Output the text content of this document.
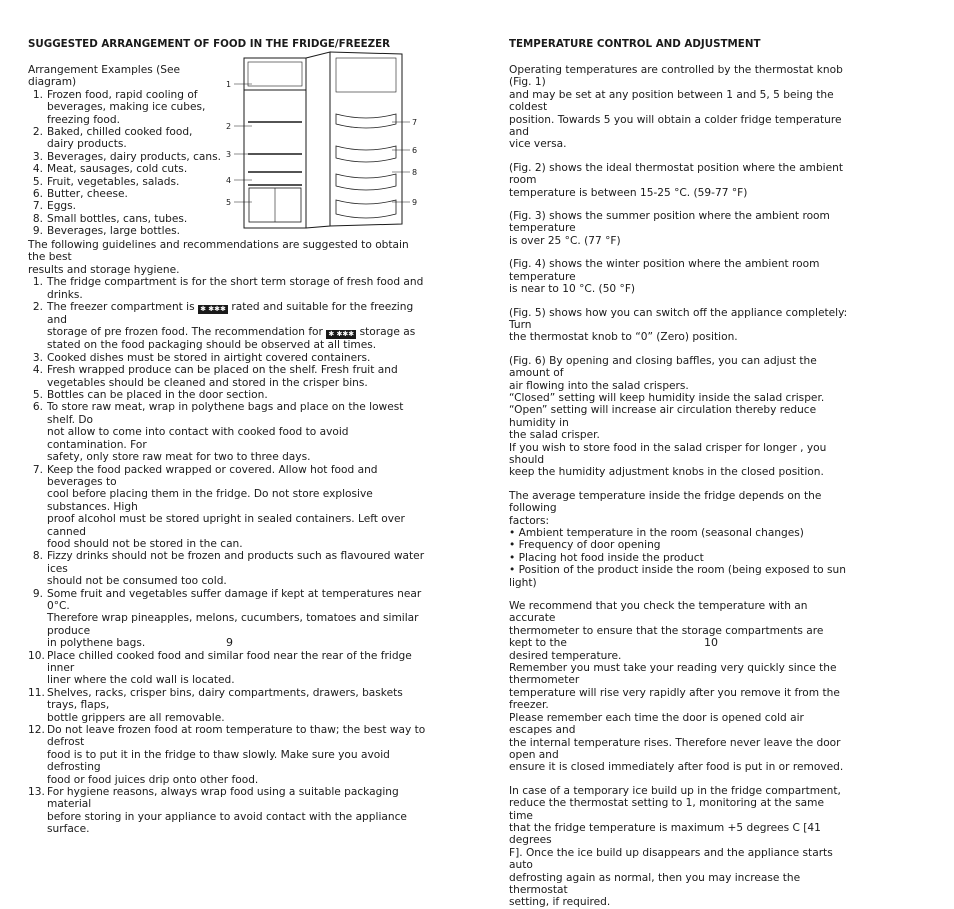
SUGGESTED ARRANGEMENT OF FOOD IN THE FRIDGE/FREEZER

Arrangement Examples (See diagram)

1. Frozen food, rapid cooling of
beverages, making ice cubes,
freezing food.
2. Baked, chilled cooked food,
dairy products.
3. Beverages, dairy products, cans.
4. Meat, sausages, cold cuts.
5. Fruit, vegetables, salads.
6. Butter, cheese.
7. Eggs.
8. Small bottles, cans, tubes.
9. Beverages, large bottles.
1
2
3
4
5
7
6
8
9

The following guidelines and recommendations are suggested to obtain the best
results and storage hygiene.

1. The fridge compartment is for the short term storage of fresh food and drinks.
2. The freezer compartment is ✱ ✱✱✱ rated and suitable for the freezing and
storage of pre frozen food. The recommendation for ✱ ✱✱✱ storage as
stated on the food packaging should be observed at all times.
3. Cooked dishes must be stored in airtight covered containers.
4. Fresh wrapped produce can be placed on the shelf. Fresh fruit and
vegetables should be cleaned and stored in the crisper bins.
5. Bottles can be placed in the door section.
6. To store raw meat, wrap in polythene bags and place on the lowest shelf. Do
not allow to come into contact with cooked food to avoid contamination. For
safety, only store raw meat for two to three days.
7. Keep the food packed wrapped or covered. Allow hot food and beverages to
cool before placing them in the fridge. Do not store explosive substances. High
proof alcohol must be stored upright in sealed containers. Left over canned
food should not be stored in the can.
8. Fizzy drinks should not be frozen and products such as flavoured water ices
should not be consumed too cold.
9. Some fruit and vegetables suffer damage if kept at temperatures near 0°C.
Therefore wrap pineapples, melons, cucumbers, tomatoes and similar produce
in polythene bags.
10. Place chilled cooked food and similar food near the rear of the fridge inner
liner where the cold wall is located.
11. Shelves, racks, crisper bins, dairy compartments, drawers, baskets trays, flaps,
bottle grippers are all removable.
12. Do not leave frozen food at room temperature to thaw; the best way to defrost
food is to put it in the fridge to thaw slowly. Make sure you avoid defrosting
food or food juices drip onto other food.
13. For hygiene reasons, always wrap food using a suitable packaging material
before storing in your appliance to avoid contact with the appliance surface.
9
TEMPERATURE CONTROL AND ADJUSTMENT
Operating temperatures are controlled by the thermostat knob (Fig. 1)
and may be set at any position between 1 and 5, 5 being the coldest
position. Towards 5 you will obtain a colder fridge temperature and
vice versa.
(Fig. 2) shows the ideal thermostat position where the ambient room
temperature is between 15-25 °C. (59-77 °F)
(Fig. 3) shows the summer position where the ambient room temperature
is over 25 °C. (77 °F)
(Fig. 4) shows the winter position where the ambient room temperature
is near to 10 °C. (50 °F)
(Fig. 5) shows how you can switch off the appliance completely: Turn
the thermostat knob to “0” (Zero) position.
(Fig. 6) By opening and closing baffles, you can adjust the amount of
air flowing into the salad crispers.
“Closed” setting will keep humidity inside the salad crisper.
“Open” setting will increase air circulation thereby reduce humidity in
the salad crisper.
If you wish to store food in the salad crisper for longer , you should
keep the humidity adjustment knobs in the closed position.
The average temperature inside the fridge depends on the following
factors:
• Ambient temperature in the room (seasonal changes)
• Frequency of door opening
• Placing hot food inside the product
• Position of the product inside the room (being exposed to sun light)
We recommend that you check the temperature with an accurate
thermometer to ensure that the storage compartments are kept to the
desired temperature.
Remember you must take your reading very quickly since the thermometer
temperature will rise very rapidly after you remove it from the freezer.
Please remember each time the door is opened cold air escapes and
the internal temperature rises. Therefore never leave the door open and
ensure it is closed immediately after food is put in or removed.
In case of a temporary ice build up in the fridge compartment,
reduce the thermostat setting to 1, monitoring at the same time
that the fridge temperature is maximum +5 degrees C [41 degrees
F]. Once the ice build up disappears and the appliance starts auto
defrosting again as normal, then you may increase the thermostat
setting, if required.
10
